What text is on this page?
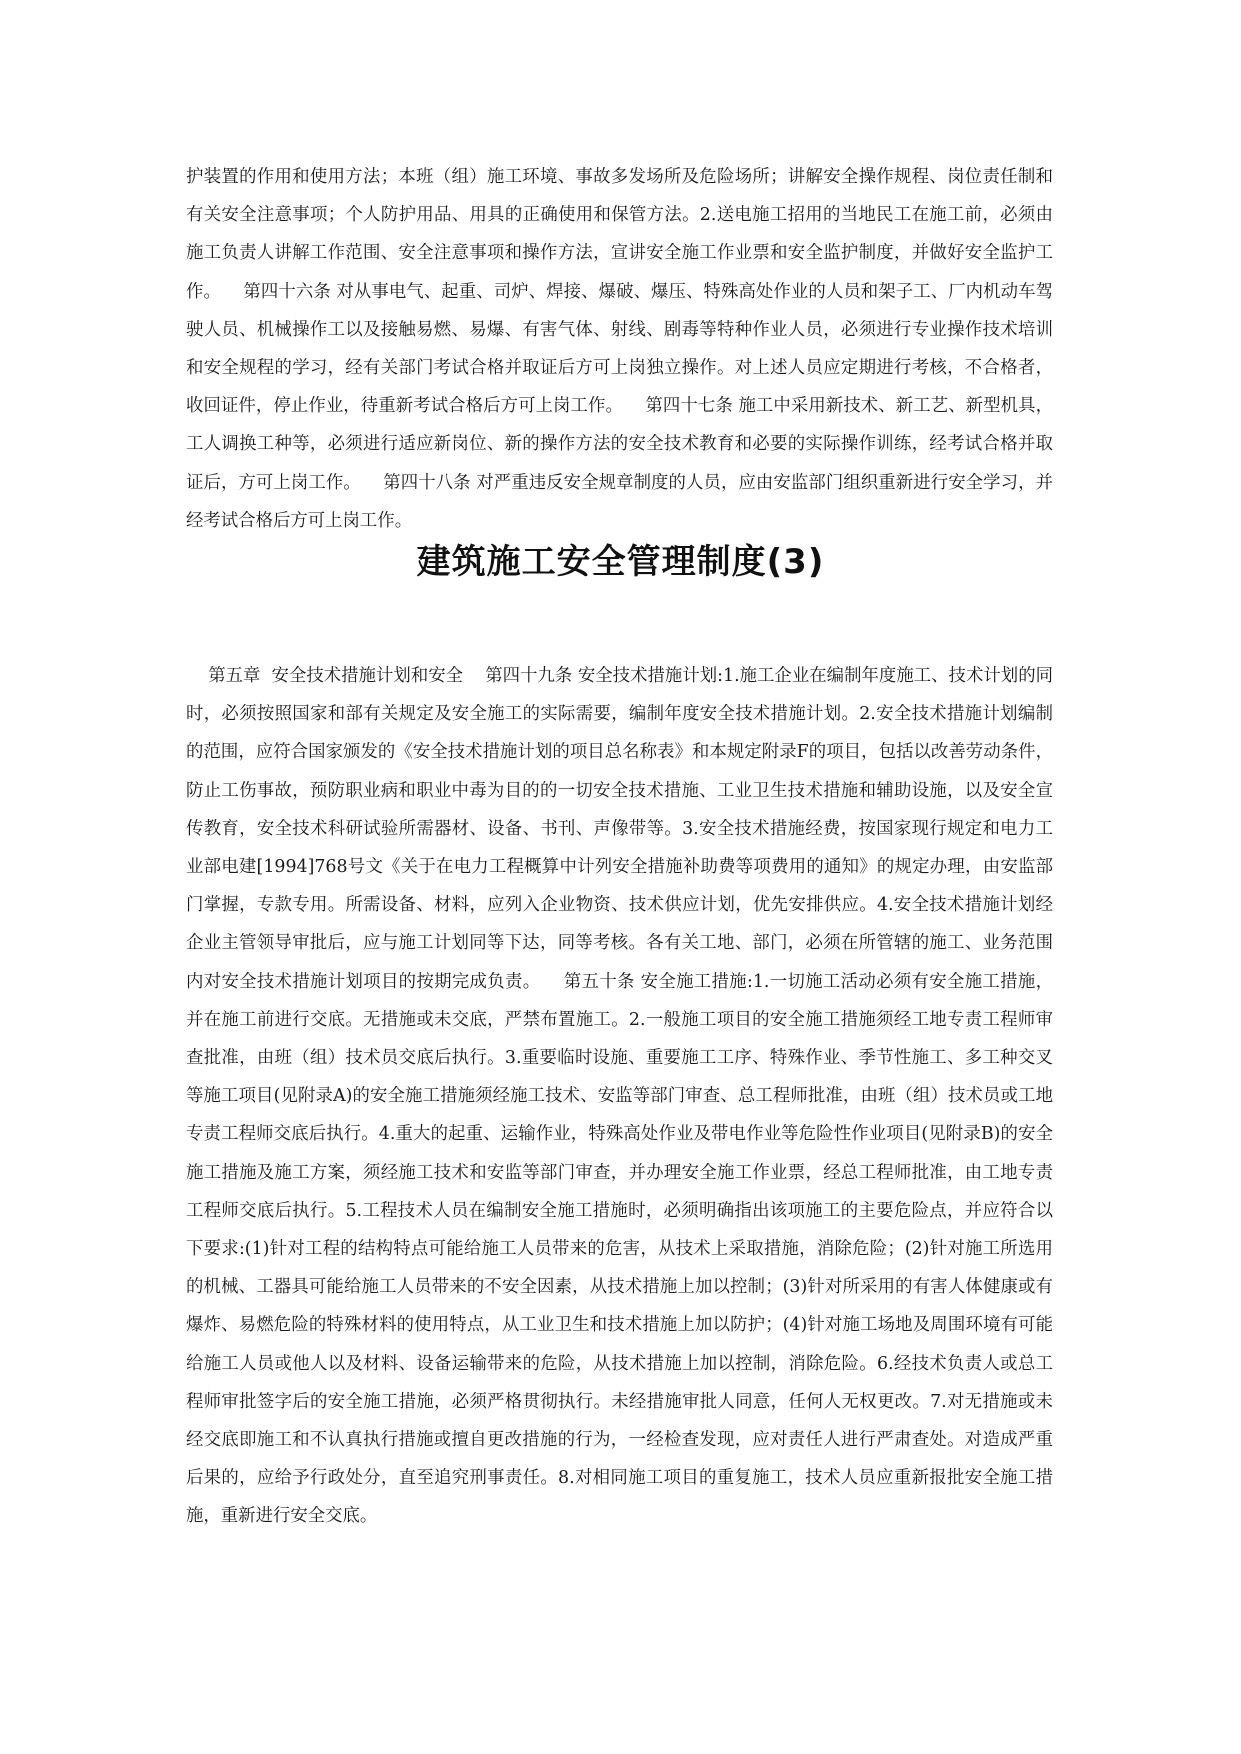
护装置的作用和使用方法；本班（组）施工环境、事故多发场所及危险场所；讲解安全操作规程、岗位责任制和有关安全注意事项；个人防护用品、用具的正确使用和保管方法。2.送电施工招用的当地民工在施工前，必须由施工负责人讲解工作范围、安全注意事项和操作方法，宣讲安全施工作业票和安全监护制度，并做好安全监护工作。    第四十六条 对从事电气、起重、司炉、焊接、爆破、爆压、特殊高处作业的人员和架子工、厂内机动车驾驶人员、机械操作工以及接触易燃、易爆、有害气体、射线、剧毒等特种作业人员，必须进行专业操作技术培训和安全规程的学习，经有关部门考试合格并取证后方可上岗独立操作。对上述人员应定期进行考核，不合格者，收回证件，停止作业，待重新考试合格后方可上岗工作。    第四十七条 施工中采用新技术、新工艺、新型机具，工人调换工种等，必须进行适应新岗位、新的操作方法的安全技术教育和必要的实际操作训练，经考试合格并取证后，方可上岗工作。    第四十八条 对严重违反安全规章制度的人员，应由安监部门组织重新进行安全学习，并经考试合格后方可上岗工作。

建筑施工安全管理制度(3)

第五章  安全技术措施计划和安全    第四十九条 安全技术措施计划:1.施工企业在编制年度施工、技术计划的同时，必须按照国家和部有关规定及安全施工的实际需要，编制年度安全技术措施计划。2.安全技术措施计划编制的范围，应符合国家颁发的《安全技术措施计划的项目总名称表》和本规定附录F的项目，包括以改善劳动条件，防止工伤事故，预防职业病和职业中毒为目的的一切安全技术措施、工业卫生技术措施和辅助设施，以及安全宣传教育，安全技术科研试验所需器材、设备、书刊、声像带等。3.安全技术措施经费，按国家现行规定和电力工业部电建[1994]768号文《关于在电力工程概算中计列安全措施补助费等项费用的通知》的规定办理，由安监部门掌握，专款专用。所需设备、材料，应列入企业物资、技术供应计划，优先安排供应。4.安全技术措施计划经企业主管领导审批后，应与施工计划同等下达，同等考核。各有关工地、部门，必须在所管辖的施工、业务范围内对安全技术措施计划项目的按期完成负责。    第五十条 安全施工措施:1.一切施工活动必须有安全施工措施，并在施工前进行交底。无措施或未交底，严禁布置施工。2.一般施工项目的安全施工措施须经工地专责工程师审查批准，由班（组）技术员交底后执行。3.重要临时设施、重要施工工序、特殊作业、季节性施工、多工种交叉等施工项目(见附录A)的安全施工措施须经施工技术、安监等部门审查、总工程师批准，由班（组）技术员或工地专责工程师交底后执行。4.重大的起重、运输作业，特殊高处作业及带电作业等危险性作业项目(见附录B)的安全施工措施及施工方案，须经施工技术和安监等部门审查，并办理安全施工作业票，经总工程师批准，由工地专责工程师交底后执行。5.工程技术人员在编制安全施工措施时，必须明确指出该项施工的主要危险点，并应符合以下要求:(1)针对工程的结构特点可能给施工人员带来的危害，从技术上采取措施，消除危险；(2)针对施工所选用的机械、工器具可能给施工人员带来的不安全因素，从技术措施上加以控制；(3)针对所采用的有害人体健康或有爆炸、易燃危险的特殊材料的使用特点，从工业卫生和技术措施上加以防护；(4)针对施工场地及周围环境有可能给施工人员或他人以及材料、设备运输带来的危险，从技术措施上加以控制，消除危险。6.经技术负责人或总工程师审批签字后的安全施工措施，必须严格贯彻执行。未经措施审批人同意，任何人无权更改。7.对无措施或未经交底即施工和不认真执行措施或擅自更改措施的行为，一经检查发现，应对责任人进行严肃查处。对造成严重后果的，应给予行政处分，直至追究刑事责任。8.对相同施工项目的重复施工，技术人员应重新报批安全施工措施，重新进行安全交底。
